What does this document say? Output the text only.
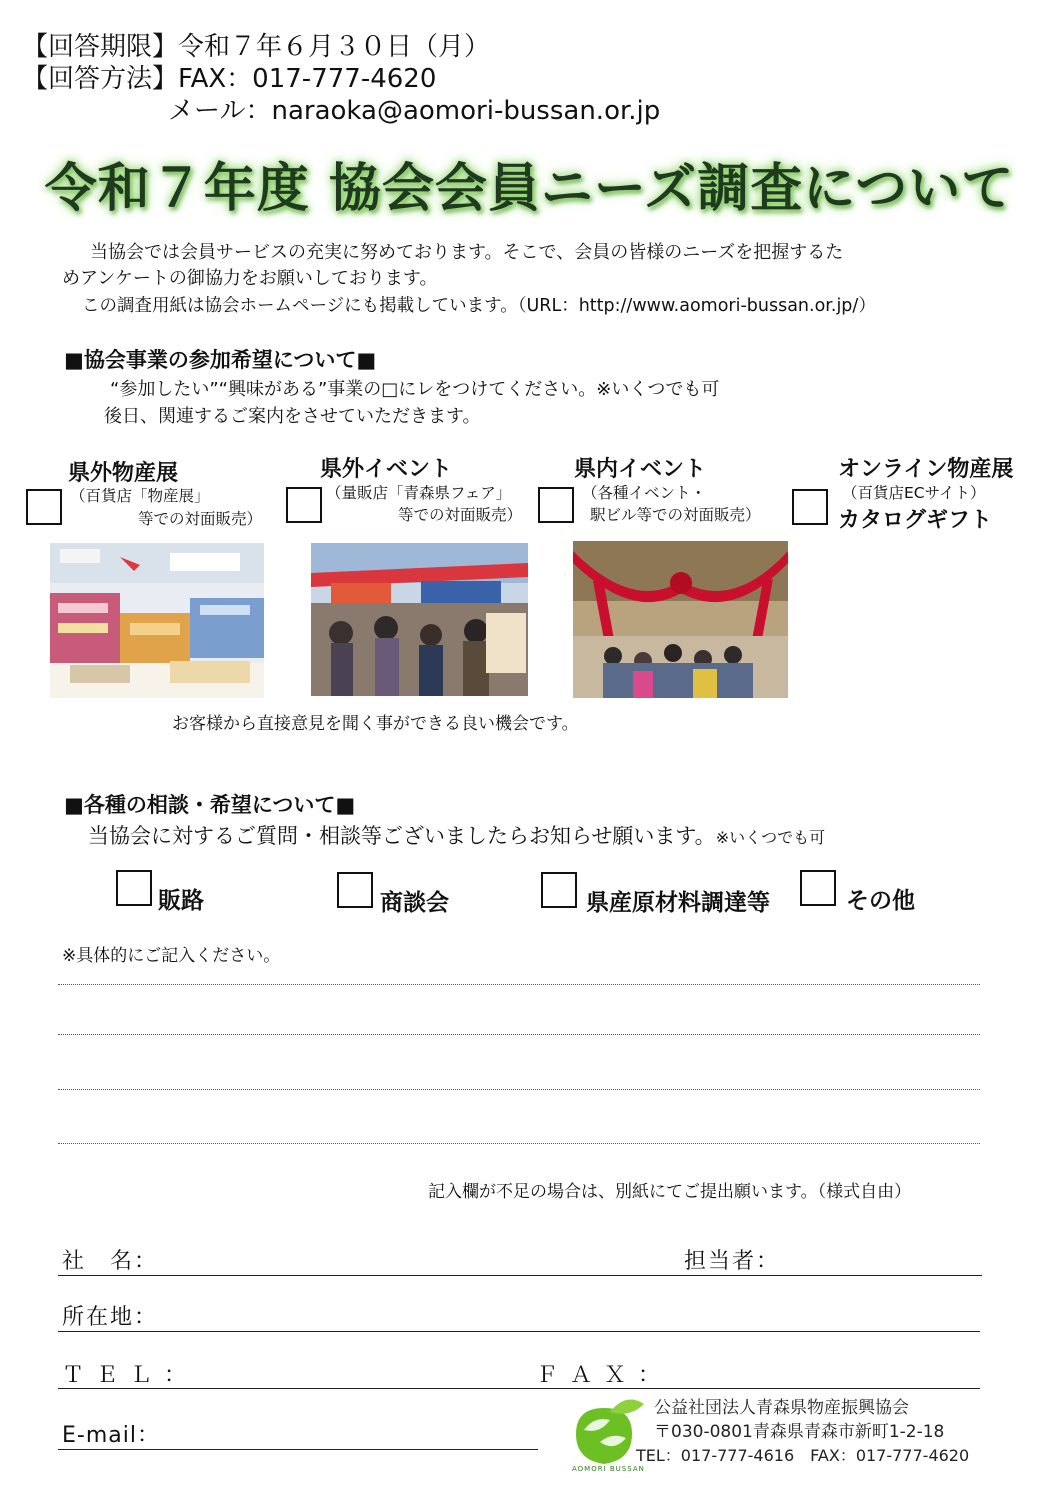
【回答期限】令和７年６月３０日（月）
【回答方法】FAX：017-777-4620
メール：naraoka@aomori-bussan.or.jp
令和７年度 協会会員ニーズ調査について
当協会では会員サービスの充実に努めております。そこで、会員の皆様のニーズを把握するた
めアンケートの御協力をお願いしております。
この調査用紙は協会ホームページにも掲載しています。（URL：http://www.aomori-bussan.or.jp/）
■協会事業の参加希望について■
“参加したい”“興味がある”事業の□にレをつけてください。※いくつでも可
後日、関連するご案内をさせていただきます。
県外物産展
（百貨店「物産展」
等での対面販売）
県外イベント
（量販店「青森県フェア」
等での対面販売）
県内イベント
（各種イベント・
駅ビル等での対面販売）
オンライン物産展
（百貨店ECサイト）
カタログギフト
お客様から直接意見を聞く事ができる良い機会です。
■各種の相談・希望について■
当協会に対するご質問・相談等ございましたらお知らせ願います。※いくつでも可
販路	商談会	県産原材料調達等	その他
※具体的にご記入ください。
記入欄が不足の場合は、別紙にてご提出願います。（様式自由）
社　名：	担当者：
所在地：
ＴＥＬ：	ＦＡＸ：
E-mail：
AOMORI BUSSAN
公益社団法人青森県物産振興協会
〒030-0801青森県青森市新町1-2-18
TEL：017-777-4616　 FAX：017-777-4620
